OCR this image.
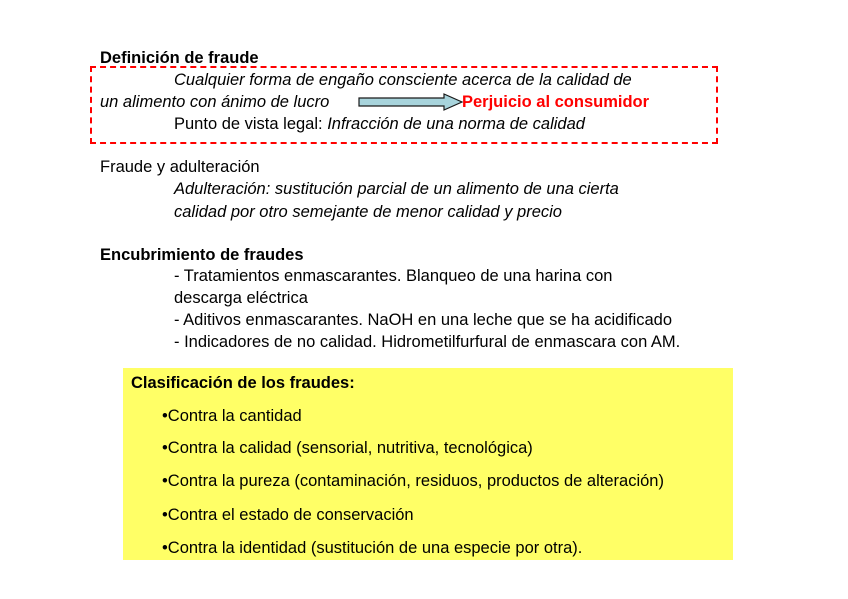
Definición de fraude
Cualquier forma de engaño consciente acerca de la calidad de
un alimento con ánimo de lucro	Perjuicio al consumidor
Punto de vista legal: Infracción de una norma de calidad
Fraude y adulteración
Adulteración: sustitución parcial de un alimento de una cierta
calidad por otro semejante de menor calidad y precio
Encubrimiento de fraudes
- Tratamientos enmascarantes. Blanqueo de una harina con
descarga eléctrica
- Aditivos enmascarantes. NaOH en una leche que se ha acidificado
- Indicadores de no calidad. Hidrometilfurfural de enmascara con AM.
Clasificación de los fraudes:
•Contra la cantidad
•Contra la calidad (sensorial, nutritiva, tecnológica)
•Contra la pureza (contaminación, residuos, productos de alteración)
•Contra el estado de conservación
•Contra la identidad (sustitución de una especie por otra).
